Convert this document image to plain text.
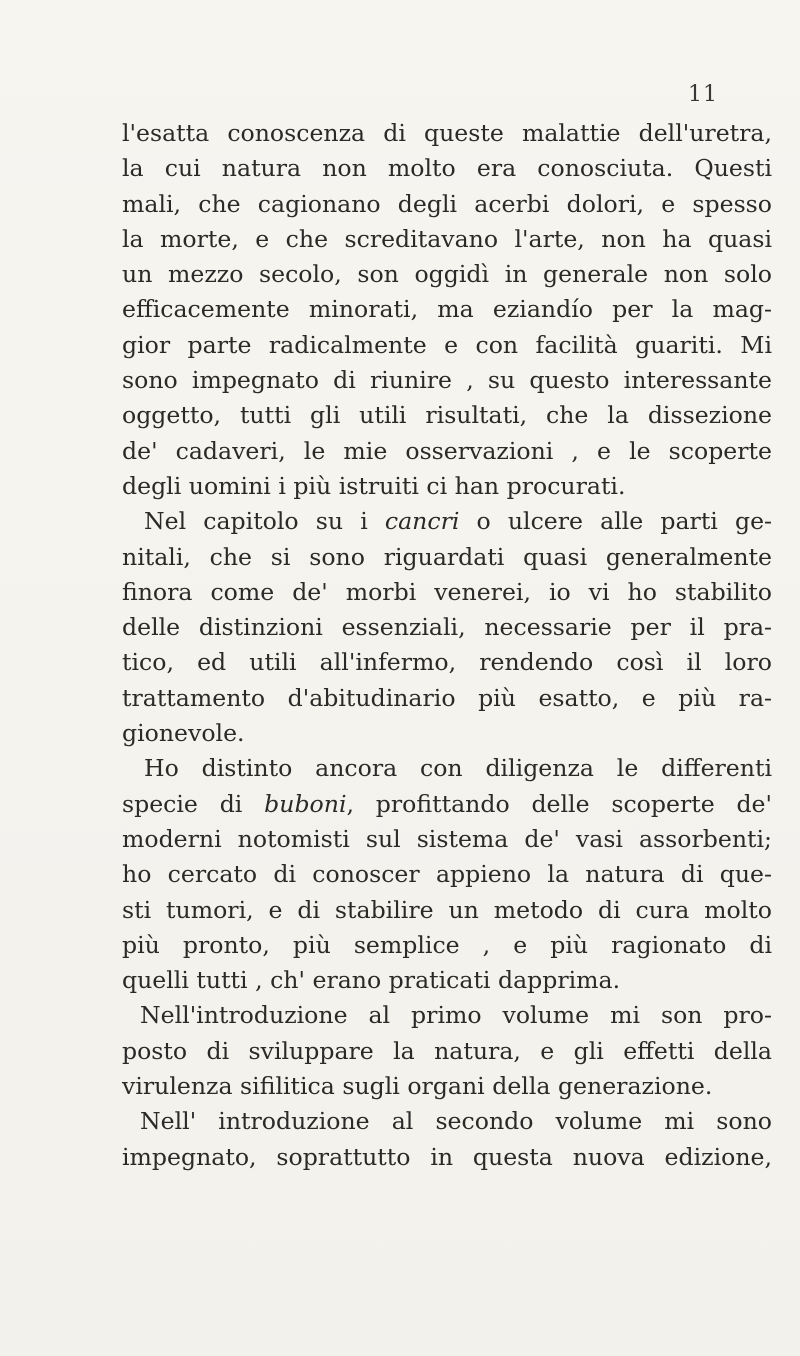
11
l'esatta conoscenza di queste malattie dell'uretra,
la cui natura non molto era conosciuta. Questi
mali, che cagionano degli acerbi dolori, e spesso
la morte, e che screditavano l'arte, non ha quasi
un mezzo secolo, son oggidì in generale non solo
efficacemente minorati, ma eziandío per la mag-
gior parte radicalmente e con facilità guariti. Mi
sono impegnato di riunire , su questo interessante
oggetto, tutti gli utili risultati, che la dissezione
de' cadaveri, le mie osservazioni , e le scoperte
degli uomini i più istruiti ci han procurati.
Nel capitolo su i cancri o ulcere alle parti ge-
nitali, che si sono riguardati quasi generalmente
finora come de' morbi venerei, io vi ho stabilito
delle distinzioni essenziali, necessarie per il pra-
tico, ed utili all'infermo, rendendo così il loro
trattamento d'abitudinario più esatto, e più ra-
gionevole.
Ho distinto ancora con diligenza le differenti
specie di buboni, profittando delle scoperte de'
moderni notomisti sul sistema de' vasi assorbenti;
ho cercato di conoscer appieno la natura di que-
sti tumori, e di stabilire un metodo di cura molto
più pronto, più semplice , e più ragionato di
quelli tutti , ch' erano praticati dapprima.
Nell'introduzione al primo volume mi son pro-
posto di sviluppare la natura, e gli effetti della
virulenza sifilitica sugli organi della generazione.
Nell' introduzione al secondo volume mi sono
impegnato, soprattutto in questa nuova edizione,
